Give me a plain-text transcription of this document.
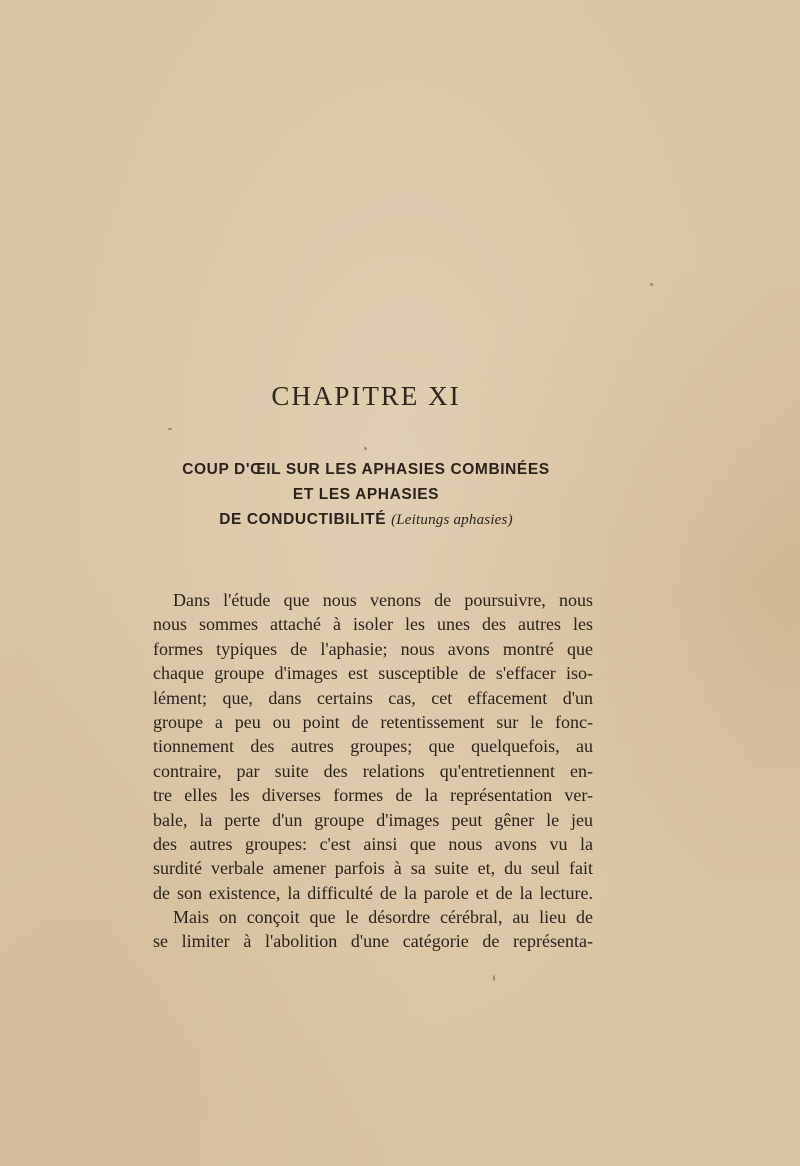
CHAPITRE XI
COUP D'ŒIL SUR LES APHASIES COMBINÉES
ET LES APHASIES
DE CONDUCTIBILITÉ (Leitungs aphasies)
Dans l'étude que nous venons de poursuivre, nous
nous sommes attaché à isoler les unes des autres les
formes typiques de l'aphasie; nous avons montré que
chaque groupe d'images est susceptible de s'effacer iso-
lément; que, dans certains cas, cet effacement d'un
groupe a peu ou point de retentissement sur le fonc-
tionnement des autres groupes; que quelquefois, au
contraire, par suite des relations qu'entretiennent en-
tre elles les diverses formes de la représentation ver-
bale, la perte d'un groupe d'images peut gêner le jeu
des autres groupes: c'est ainsi que nous avons vu la
surdité verbale amener parfois à sa suite et, du seul fait
de son existence, la difficulté de la parole et de la lecture.
Mais on conçoit que le désordre cérébral, au lieu de
se limiter à l'abolition d'une catégorie de représenta-
